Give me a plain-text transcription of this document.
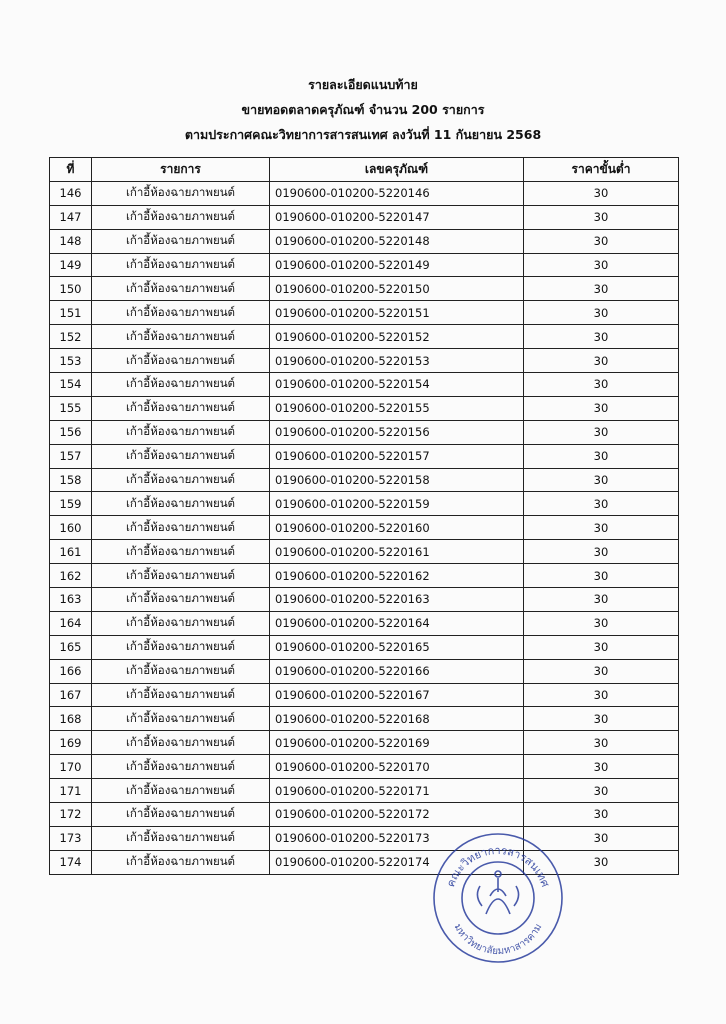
รายละเอียดแนบท้าย
ขายทอดตลาดครุภัณฑ์ จำนวน 200 รายการ
ตามประกาศคณะวิทยาการสารสนเทศ ลงวันที่ 11 กันยายน 2568
ที่	รายการ	เลขครุภัณฑ์	ราคาขั้นต่ำ
146	เก้าอี้ห้องฉายภาพยนต์	0190600-010200-5220146	30
147	เก้าอี้ห้องฉายภาพยนต์	0190600-010200-5220147	30
148	เก้าอี้ห้องฉายภาพยนต์	0190600-010200-5220148	30
149	เก้าอี้ห้องฉายภาพยนต์	0190600-010200-5220149	30
150	เก้าอี้ห้องฉายภาพยนต์	0190600-010200-5220150	30
151	เก้าอี้ห้องฉายภาพยนต์	0190600-010200-5220151	30
152	เก้าอี้ห้องฉายภาพยนต์	0190600-010200-5220152	30
153	เก้าอี้ห้องฉายภาพยนต์	0190600-010200-5220153	30
154	เก้าอี้ห้องฉายภาพยนต์	0190600-010200-5220154	30
155	เก้าอี้ห้องฉายภาพยนต์	0190600-010200-5220155	30
156	เก้าอี้ห้องฉายภาพยนต์	0190600-010200-5220156	30
157	เก้าอี้ห้องฉายภาพยนต์	0190600-010200-5220157	30
158	เก้าอี้ห้องฉายภาพยนต์	0190600-010200-5220158	30
159	เก้าอี้ห้องฉายภาพยนต์	0190600-010200-5220159	30
160	เก้าอี้ห้องฉายภาพยนต์	0190600-010200-5220160	30
161	เก้าอี้ห้องฉายภาพยนต์	0190600-010200-5220161	30
162	เก้าอี้ห้องฉายภาพยนต์	0190600-010200-5220162	30
163	เก้าอี้ห้องฉายภาพยนต์	0190600-010200-5220163	30
164	เก้าอี้ห้องฉายภาพยนต์	0190600-010200-5220164	30
165	เก้าอี้ห้องฉายภาพยนต์	0190600-010200-5220165	30
166	เก้าอี้ห้องฉายภาพยนต์	0190600-010200-5220166	30
167	เก้าอี้ห้องฉายภาพยนต์	0190600-010200-5220167	30
168	เก้าอี้ห้องฉายภาพยนต์	0190600-010200-5220168	30
169	เก้าอี้ห้องฉายภาพยนต์	0190600-010200-5220169	30
170	เก้าอี้ห้องฉายภาพยนต์	0190600-010200-5220170	30
171	เก้าอี้ห้องฉายภาพยนต์	0190600-010200-5220171	30
172	เก้าอี้ห้องฉายภาพยนต์	0190600-010200-5220172	30
173	เก้าอี้ห้องฉายภาพยนต์	0190600-010200-5220173	30
174	เก้าอี้ห้องฉายภาพยนต์	0190600-010200-5220174	30
คณะวิทยาการสารสนเทศ
มหาวิทยาลัยมหาสารคาม
